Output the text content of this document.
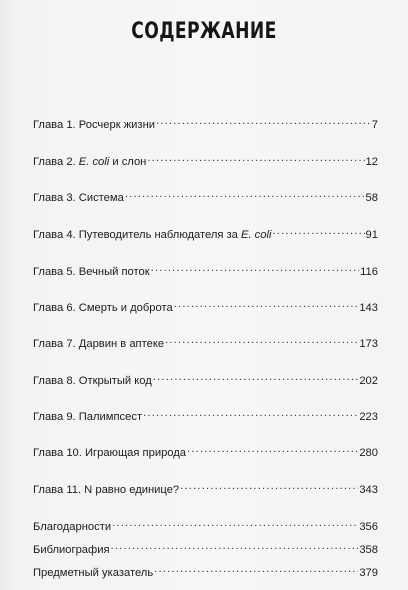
СОДЕРЖАНИЕ
Глава 1. Росчерк жизни .....	7
Глава 2. E. coli и слон .....	12
Глава 3. Система .....	58
Глава 4. Путеводитель наблюдателя за E. coli .....	91
Глава 5. Вечный поток .....	116
Глава 6. Смерть и доброта .....	143
Глава 7. Дарвин в аптеке .....	173
Глава 8. Открытый код .....	202
Глава 9. Палимпсест .....	223
Глава 10. Играющая природа .....	280
Глава 11. N равно единице? .....	343
Благодарности .....	356
Библиография .....	358
Предметный указатель .....	379
